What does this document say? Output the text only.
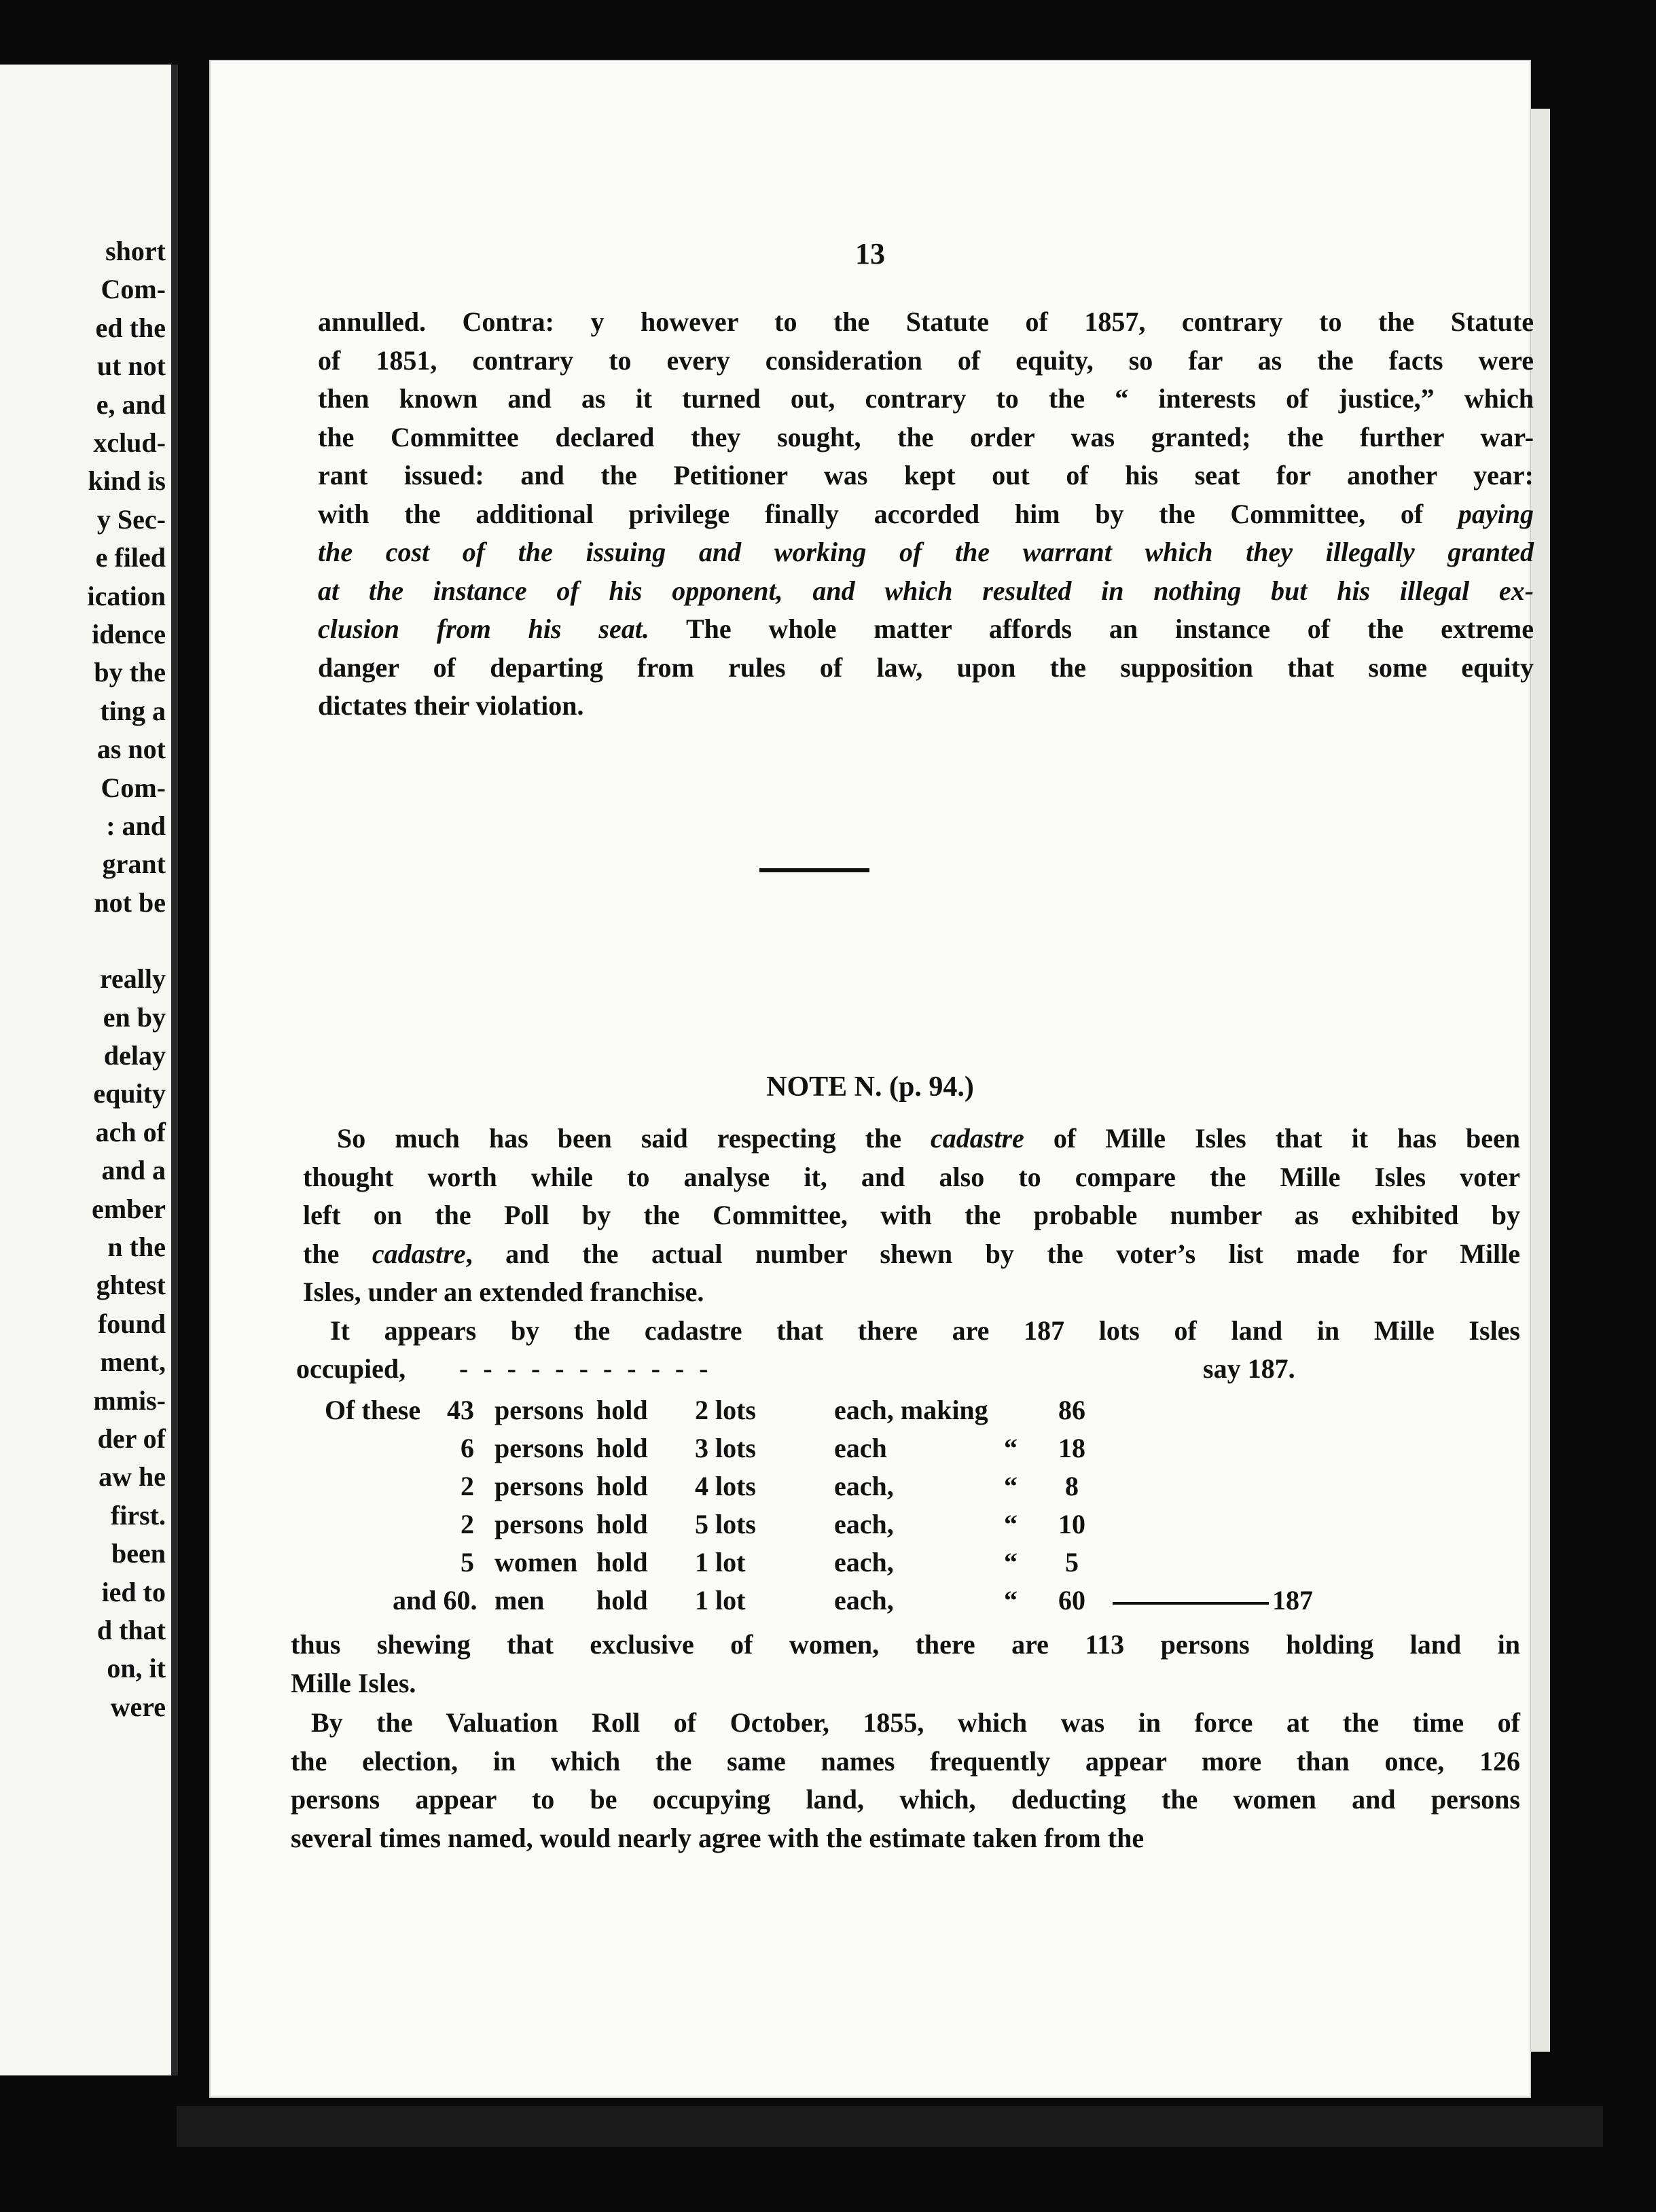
short
Com-
ed the
ut not
e, and
xclud-
kind is
y Sec-
e filed
ication
idence
by the
ting a
as not
Com-
: and
grant
not be
really
en by
delay
equity
ach of
and a
ember
n the
ghtest
found
ment,
mmis-
der of
aw he
first.
been
ied to
d that
on, it
were
13
annulled. Contra: y however to the Statute of 1857, contrary to the Statute
of 1851, contrary to every consideration of equity, so far as the facts were
then known and as it turned out, contrary to the “ interests of justice,” which
the Committee declared they sought, the order was granted; the further war-
rant issued: and the Petitioner was kept out of his seat for another year:
with the additional privilege finally accorded him by the Committee, of paying
the cost of the issuing and working of the warrant which they illegally granted
at the instance of his opponent, and which resulted in nothing but his illegal ex-
clusion from his seat. The whole matter affords an instance of the extreme
danger of departing from rules of law, upon the supposition that some equity
dictates their violation.
NOTE N. (p. 94.)
So much has been said respecting the cadastre of Mille Isles that it has been
thought worth while to analyse it, and also to compare the Mille Isles voter
left on the Poll by the Committee, with the probable number as exhibited by
the cadastre, and the actual number shewn by the voter’s list made for Mille
Isles, under an extended franchise.
It appears by the cadastre that there are 187 lots of land in Mille Isles
occupied, - - - - - - - - - - -	say 187.
Of these 43 persons hold 2 lots	each, making	86
6 persons hold 3 lots	each	“ 18
2 persons hold 4 lots	each,	“ 8
2 persons hold 5 lots	each,	“ 10
5 women hold 1 lot	each,	“ 5
and 60. men hold 1 lot	each,	“ 60	187
thus shewing that exclusive of women, there are 113 persons holding land in
Mille Isles.
By the Valuation Roll of October, 1855, which was in force at the time of
the election, in which the same names frequently appear more than once, 126
persons appear to be occupying land, which, deducting the women and persons
several times named, would nearly agree with the estimate taken from the
